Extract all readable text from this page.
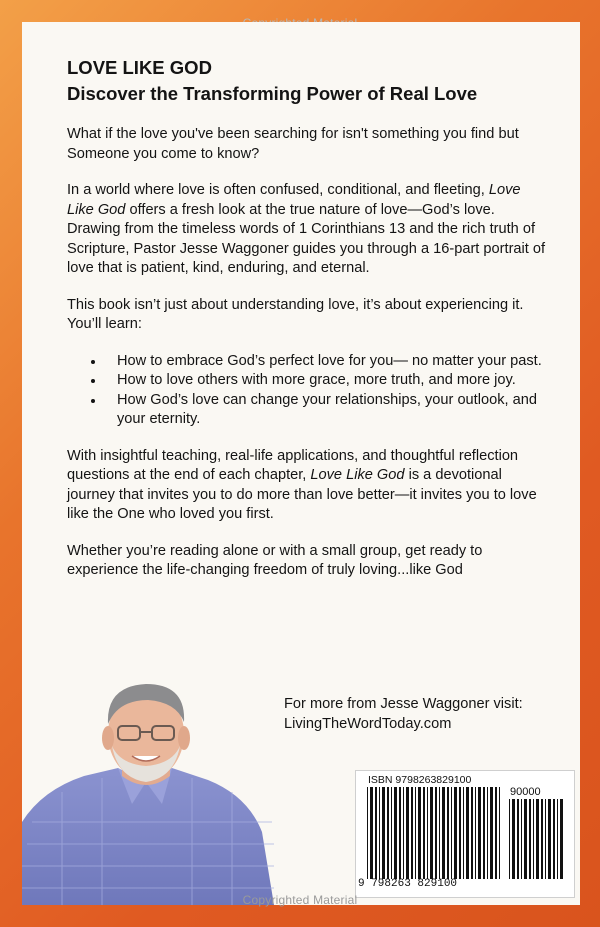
LOVE LIKE GOD
Discover the Transforming Power of Real Love

What if the love you've been searching for isn't something you find but Someone you come to know?

In a world where love is often confused, conditional, and fleeting, Love Like God offers a fresh look at the true nature of love—God’s love. Drawing from the timeless words of 1 Corinthians 13 and the rich truth of Scripture, Pastor Jesse Waggoner guides you through a 16-part portrait of love that is patient, kind, enduring, and eternal.

This book isn’t just about understanding love, it’s about experiencing it. You’ll learn:

How to embrace God’s perfect love for you— no matter your past.
How to love others with more grace, more truth, and more joy.
How God’s love can change your relationships, your outlook, and your eternity.

With insightful teaching, real-life applications, and thoughtful reflection questions at the end of each chapter, Love Like God is a devotional journey that invites you to do more than love better—it invites you to love like the One who loved you first.

Whether you’re reading alone or with a small group, get ready to experience the life-changing freedom of truly loving...like God

For more from Jesse Waggoner visit:
LivingTheWordToday.com
ISBN 9798263829100
90000
9 798263 829100
Copyrighted Material
